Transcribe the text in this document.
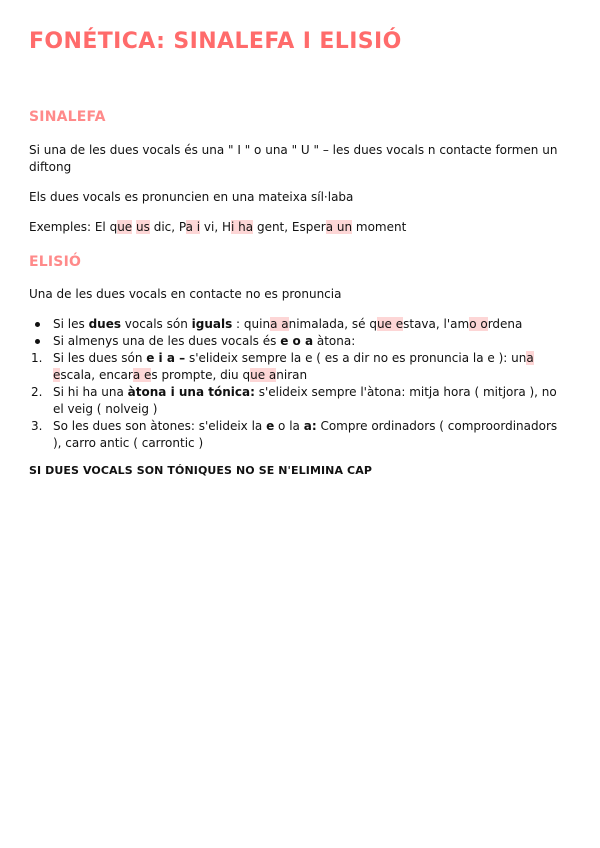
FONÉTICA: SINALEFA I ELISIÓ
SINALEFA

Si una de les dues vocals és una " I " o una " U " – les dues vocals n contacte formen un diftong

Els dues vocals es pronuncien en una mateixa síl·laba

Exemples: El que us dic, Pa i vi, Hi ha gent, Espera un moment

ELISIÓ

Una de les dues vocals en contacte no es pronuncia

Si les dues vocals són iguals : quina animalada, sé que estava, l'amo ordena
Si almenys una de les dues vocals és e o a àtona:
1. Si les dues són e i a – s'elideix sempre la e ( es a dir no es pronuncia la e ): una escala, encara es prompte, diu que aniran
2. Si hi ha una àtona i una tónica: s'elideix sempre l'àtona: mitja hora ( mitjora ), no el veig ( nolveig )
3. So les dues son àtones: s'elideix la e o la a: Compre ordinadors ( comproordinadors ), carro antic ( carrontic )

SI DUES VOCALS SON TÓNIQUES NO SE N'ELIMINA CAP
